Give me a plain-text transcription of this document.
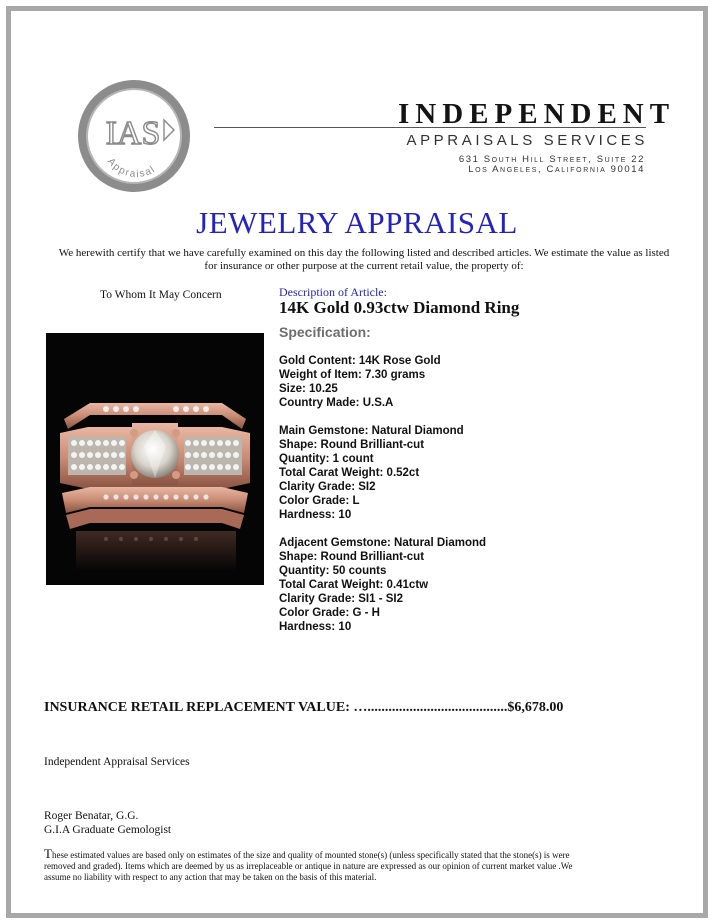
IAS
Appraisal
INDEPENDENT
APPRAISALS SERVICES
631 South Hill Street, Suite 22
Los Angeles, California 90014
JEWELRY APPRAISAL
We herewith certify that we have carefully examined on this day the following listed and described articles. We estimate the value as listed for insurance or other purpose at the current retail value, the property of:
To Whom It May Concern	Description of Article:
14K Gold 0.93ctw Diamond Ring
Specification:
Gold Content: 14K Rose Gold
Weight of Item: 7.30 grams
Size: 10.25
Country Made: U.S.A
Main Gemstone: Natural Diamond
Shape: Round Brilliant-cut
Quantity: 1 count
Total Carat Weight: 0.52ct
Clarity Grade: SI2
Color Grade: L
Hardness: 10
Adjacent Gemstone: Natural Diamond
Shape: Round Brilliant-cut
Quantity: 50 counts
Total Carat Weight: 0.41ctw
Clarity Grade: SI1 - SI2
Color Grade: G - H
Hardness: 10
INSURANCE RETAIL REPLACEMENT VALUE: …........................................$6,678.00
Independent Appraisal Services
Roger Benatar, G.G.
G.I.A Graduate Gemologist
These estimated values are based only on estimates of the size and quality of mounted stone(s) (unless specifically stated that the stone(s) is were removed and graded). Items which are deemed by us as irreplaceable or antique in nature are expressed as our opinion of current market value .We assume no liability with respect to any action that may be taken on the basis of this material.
